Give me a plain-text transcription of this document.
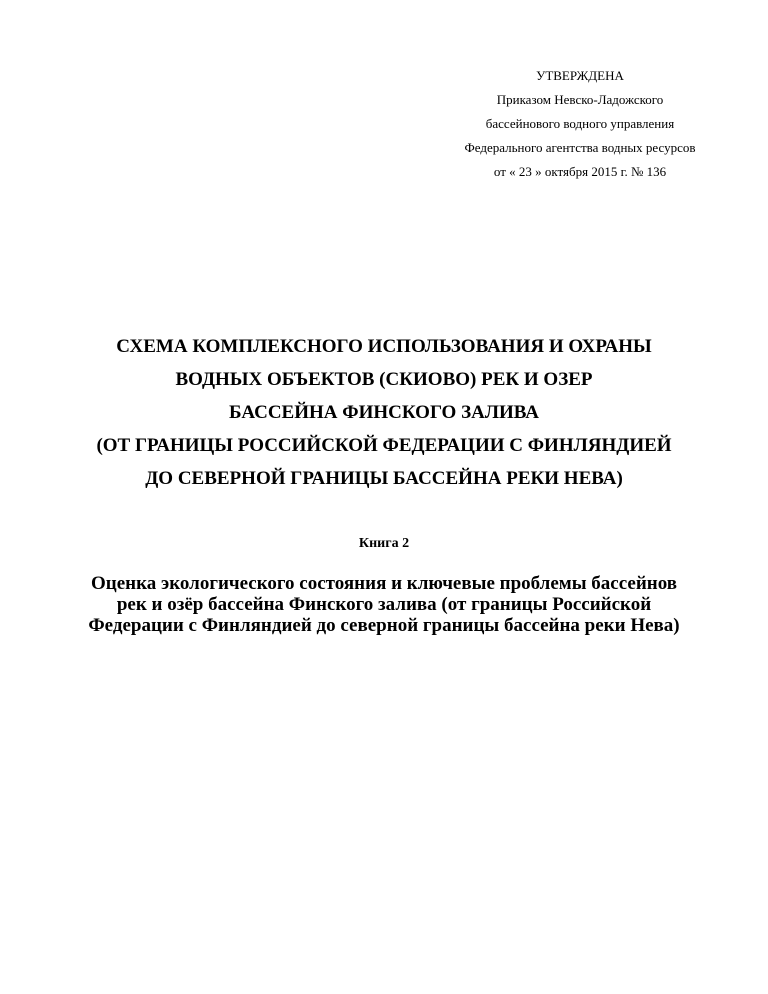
УТВЕРЖДЕНА
Приказом Невско-Ладожского
бассейнового водного управления
Федерального агентства водных ресурсов
от « 23 » октября 2015 г. № 136
СХЕМА КОМПЛЕКСНОГО ИСПОЛЬЗОВАНИЯ И ОХРАНЫ
ВОДНЫХ ОБЪЕКТОВ (СКИОВО) РЕК И ОЗЕР
БАССЕЙНА ФИНСКОГО ЗАЛИВА
(ОТ ГРАНИЦЫ РОССИЙСКОЙ ФЕДЕРАЦИИ С ФИНЛЯНДИЕЙ
ДО СЕВЕРНОЙ ГРАНИЦЫ БАССЕЙНА РЕКИ НЕВА)
Книга 2
Оценка экологического состояния и ключевые проблемы бассейнов
рек и озёр бассейна Финского залива (от границы Российской
Федерации с Финляндией до северной границы бассейна реки Нева)
